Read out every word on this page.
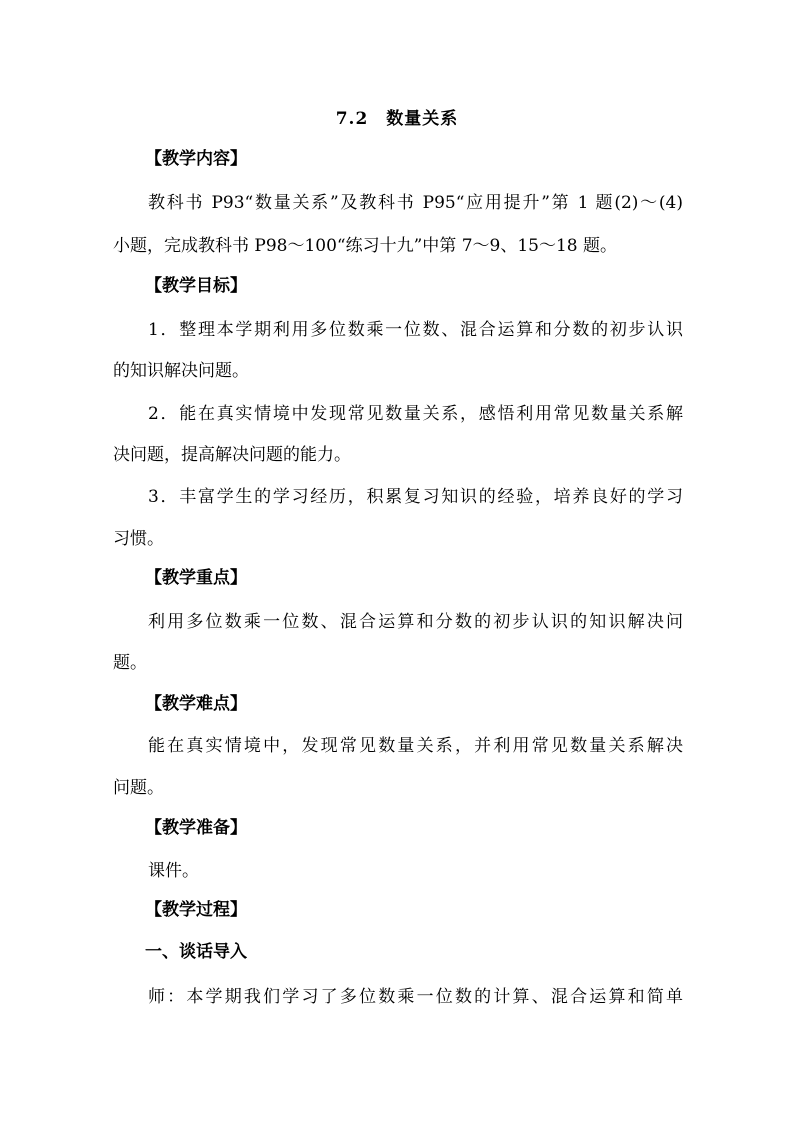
7.2　数量关系
【教学内容】
教科书 P93“数量关系”及教科书 P95“应用提升”第 1 题(2)～(4)
小题，完成教科书 P98～100“练习十九”中第 7～9、15～18 题。
【教学目标】
1．整理本学期利用多位数乘一位数、混合运算和分数的初步认识
的知识解决问题。
2．能在真实情境中发现常见数量关系，感悟利用常见数量关系解
决问题，提高解决问题的能力。
3．丰富学生的学习经历，积累复习知识的经验，培养良好的学习
习惯。
【教学重点】
利用多位数乘一位数、混合运算和分数的初步认识的知识解决问
题。
【教学难点】
能在真实情境中，发现常见数量关系，并利用常见数量关系解决
问题。
【教学准备】
课件。
【教学过程】
一、谈话导入
师：本学期我们学习了多位数乘一位数的计算、混合运算和简单
